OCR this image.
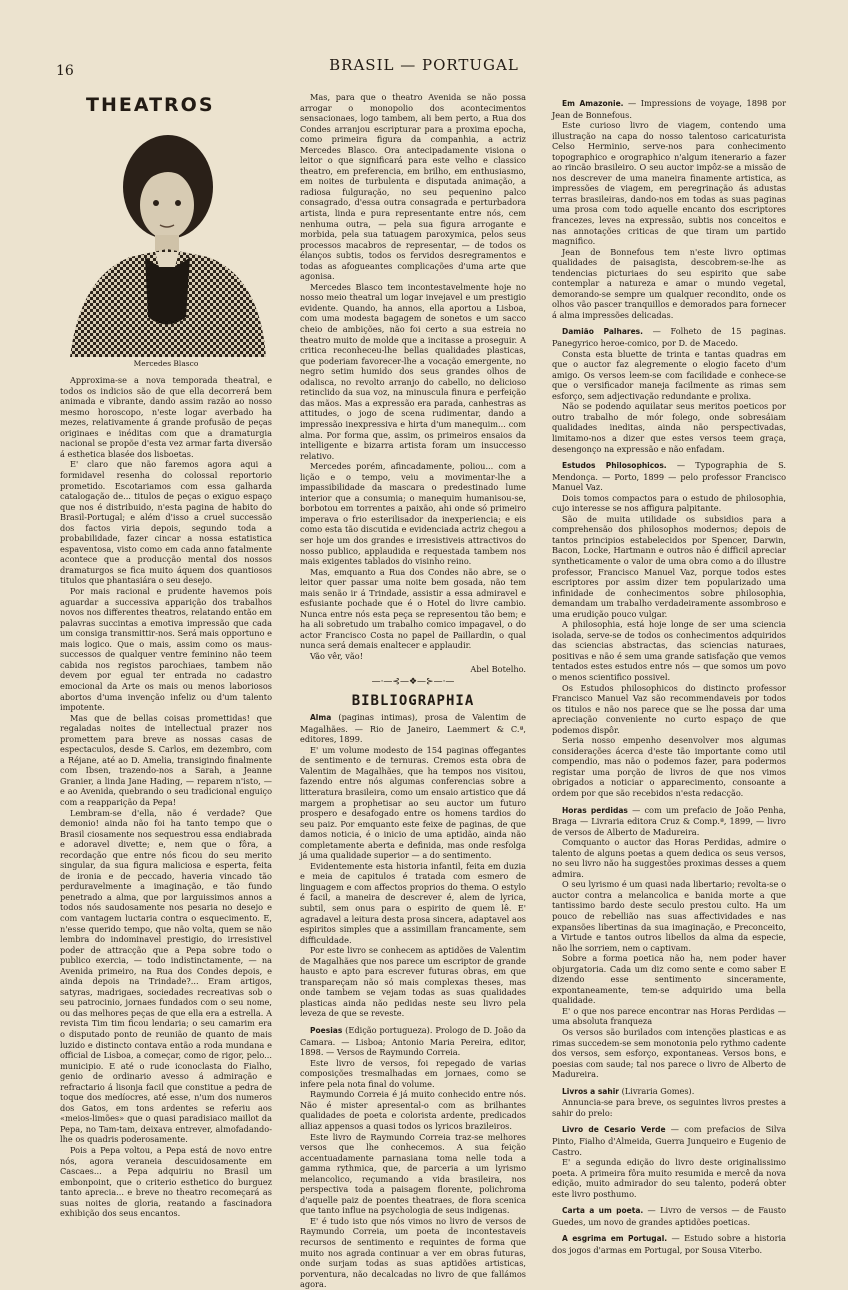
16	BRASIL — PORTUGAL
THEATROS
Mercedes Blasco

Approxima-se a nova temporada theatral, e todos os indicios são de que ella decorrerá bem animada e vibrante, dando assim razão ao nosso mesmo horoscopo, n'este logar averbado ha mezes, relativamente á grande profusão de peças originaes e inéditas com que a dramaturgia nacional se propõe d'esta vez armar farta diversão á esthetica blasée dos lisboetas.

E' claro que não faremos agora aqui a formidavel resenha do colossal reportorio prometido. Escotariamos com essa galharda catalogação de... titulos de peças o exiguo espaço que nos é distribuido, n'esta pagina de habito do Brasil-Portugal; e além d'isso a cruel successão dos factos viria depois, segundo toda a probabilidade, fazer cincar a nossa estatistica espaventosa, visto como em cada anno fatalmente acontece que a producção mental dos nossos dramaturgos se fica muito áquem dos quantiosos titulos que phantasiára o seu desejo.

Por mais racional e prudente havemos pois aguardar a successiva apparição dos trabalhos novos nos differentes theatros, relatando então em palavras succintas a emotiva impressão que cada um consiga transmittir-nos. Será mais opportuno e mais logico. Que o mais, assim como os maus-successos de qualquer ventre feminino não teem cabida nos registos parochiaes, tambem não devem por egual ter entrada no cadastro emocional da Arte os mais ou menos laboriosos abortos d'uma invenção infeliz ou d'um talento impotente.

Mas que de bellas coisas promettidas! que regaladas noites de intellectual prazer nos promettem para breve as nossas casas de espectaculos, desde S. Carlos, em dezembro, com a Réjane, até ao D. Amelia, transigindo finalmente com Ibsen, trazendo-nos a Sarah, a Jeanne Granier, a linda Jane Hading, — reparem n'isto, — e ao Avenida, quebrando o seu tradicional enguiço com a reapparição da Pepa!

Lembram-se d'ella, não é verdade? Que demonio! ainda não foi ha tanto tempo que o Brasil ciosamente nos sequestrou essa endiabrada e adoravel divette; e, nem que o fôra, a recordação que entre nós ficou do seu merito singular, da sua figura maliciosa e esperta, feita de ironia e de peccado, haveria vincado tão perduravelmente a imaginação, e tão fundo penetrado a alma, que por larguissimos annos a todos nós saudosamente nos pesaria no desejo e com vantagem luctaria contra o esquecimento. E, n'esse querido tempo, que não volta, quem se não lembra do indominavel prestigio, do irresistivel poder de attracção que a Pepa sobre todo o publico exercia, — todo indistinctamente, — na Avenida primeiro, na Rua dos Condes depois, e ainda depois na Trindade?... Eram artigos, satyras, madrigaes, sociedades recreativas sob o seu patrocinio, jornaes fundados com o seu nome, ou das melhores peças de que ella era a estrella. A revista Tim tim ficou lendaria; o seu camarim era o disputado ponto de reunião de quanto de mais luzido e distincto contava então a roda mundana e official de Lisboa, a começar, como de rigor, pelo... municipio. E até o rude iconoclasta do Fialho, genio de ordinario avesso á admiração e refractario á lisonja facil que constitue a pedra de toque dos medíocres, até esse, n'um dos numeros dos Gatos, em tons ardentes se referiu aos «meios-limões» que o quasi paradisiaco maillot da Pepa, no Tam-tam, deixava entrever, almofadando-lhe os quadris poderosamente.

Pois a Pepa voltou, a Pepa está de novo entre nós, agora veraneia descuidosamente em Cascaes... a Pepa adquiriu no Brasil um embonpoint, que o criterio esthetico do burguez tanto aprecia... e breve no theatro recomeçará as suas noites de gloria, reatando a fascinadora exhibição dos seus encantos.

Mas, para que o theatro Avenida se não possa arrogar o monopolio dos acontecimentos sensacionaes, logo tambem, ali bem perto, a Rua dos Condes arranjou escripturar para a proxima epocha, como primeira figura da companhia, a actriz Mercedes Blasco. Ora antecipadamente visiona o leitor o que significará para este velho e classico theatro, em preferencia, em brilho, em enthusiasmo, em noites de turbulenta e disputada animação, a radiosa fulguração, no seu pequenino palco consagrado, d'essa outra consagrada e perturbadora artista, linda e pura representante entre nós, cem nenhuma outra, — pela sua figura arrogante e morbida, pela sua tatuagem paroxymica, pelos seus processos macabros de representar, — de todos os élanços subtis, todos os fervidos desregramentos e todas as afogueantes complicações d'uma arte que agonisa.

Mercedes Blasco tem incontestavelmente hoje no nosso meio theatral um logar invejavel e um prestigio evidente. Quando, ha annos, ella aportou a Lisboa, com uma modesta bagagem de sonetos e um sacco cheio de ambições, não foi certo a sua estreia no theatro muito de molde que a incitasse a proseguir. A critica reconheceu-lhe bellas qualidades plasticas, que poderiam favorecer-lhe a vocação emergente, no negro setim humido dos seus grandes olhos de odalisca, no revolto arranjo do cabello, no delicioso retinclido da sua voz, na minuscula finura e perfeição das mãos. Mas a expressão era parada, canhestras as attitudes, o jogo de scena rudimentar, dando a impressão inexpressiva e hirta d'um manequim... com alma. Por forma que, assim, os primeiros ensaios da intelligente e bizarra artista foram um insuccesso relativo.

Mercedes porém, afincadamente, poliou... com a lição e o tempo, veiu a movimentar-lhe a impassibilidade da mascara o predestinado lume interior que a consumia; o manequim humanisou-se, borbotou em torrentes a paixão, ahi onde só primeiro imperava o frio esterilisador da inexperiencia; e eis como esta tão discutida e evidenciada actriz chegou a ser hoje um dos grandes e irresistiveis attractivos do nosso publico, applaudida e requestada tambem nos mais exigentes tablados do visinho reino.

Mas, emquanto a Rua dos Condes não abre, se o leitor quer passar uma noite bem gosada, não tem mais senão ir á Trindade, assistir a essa admiravel e esfusiante pochade que é o Hotel do livre cambio. Nunca entre nós esta peça se representou tão bem; e ha ali sobretudo um trabalho comico impagavel, o do actor Francisco Costa no papel de Paillardin, o qual nunca será demais enaltecer e applaudir.

Vão vêr, vão!

Abel Botelho.
—·—⊰—❖—⊱—·—
BIBLIOGRAPHIA

Alma (paginas intimas), prosa de Valentim de Magalhães. — Rio de Janeiro, Laemmert & C.ª, editores, 1899.

E' um volume modesto de 154 paginas offegantes de sentimento e de ternuras. Cremos esta obra de Valentim de Magalhães, que ha tempos nos visitou, fazendo entre nós algumas conferencias sobre a litteratura brasileira, como um ensaio artistico que dá margem a prophetisar ao seu auctor um futuro prospero e desafogado entre os homens tardios do seu paiz. Por emquanto este feixe de paginas, de que damos noticia, é o inicio de uma aptidão, ainda não completamente aberta e definida, mas onde resfolga já uma qualidade superior — a do sentimento.

Evidentemente esta historia infantil, feita em duzia e meia de capitulos é tratada com esmero de linguagem e com affectos proprios do thema. O estylo é facil, a maneira de descrever é, alem de lyrica, subtil, sem onus para o espirito de quem lê. E' agradavel a leitura desta prosa sincera, adaptavel aos espiritos simples que a assimillam francamente, sem difficuldade.

Por este livro se conhecem as aptidões de Valentim de Magalhães que nos parece um escriptor de grande hausto e apto para escrever futuras obras, em que transpareçam não só mais complexas theses, mas onde tambem se vejam todas as suas qualidades plasticas ainda não pedidas neste seu livro pela leveza de que se reveste.

Poesias (Edição portugueza). Prologo de D. João da Camara. — Lisboa; Antonio Maria Pereira, editor, 1898. — Versos de Raymundo Correia.

Este livro de versos, foi repegado de varias composições tresmalhadas em jornaes, como se infere pela nota final do volume.

Raymundo Correia é já muito conhecido entre nós. Não é mister apresental-o com as brilhantes qualidades de poeta e colorista ardente, predicados alliaz appensos a quasi todos os lyricos brazileiros.

Este livro de Raymundo Correia traz-se melhores versos que lhe conhecemos. A sua feição accentuadamente parnasiana toma nelle toda a gamma rythmica, que, de parceria a um lyrismo melancolico, reçumando a vida brasileira, nos perspectiva toda a paisagem florente, polichroma d'aquelle paiz de poentes theatraes, de flora scenica que tanto influe na psychologia de seus indigenas.

E' é tudo isto que nós vimos no livro de versos de Raymundo Correia, um poeta de incontestaveis recursos de sentimento e requintes de forma que muito nos agrada continuar a ver em obras futuras, onde surjam todas as suas aptidões artisticas, porventura, não decalcadas no livro de que fallámos agora.

Em Amazonie. — Impressions de voyage, 1898 por Jean de Bonnefous.

Este curioso livro de viagem, contendo uma illustração na capa do nosso talentoso caricaturista Celso Herminio, serve-nos para conhecimento topographico e orographico n'algum itenerario a fazer ao rincão brasileiro. O seu auctor impôz-se a missão de nos descrever de uma maneira finamente artistica, as impressões de viagem, em peregrinação ás adustas terras brasileiras, dando-nos em todas as suas paginas uma prosa com todo aquelle encanto dos escriptores francezes, leves na expressão, subtis nos conceitos e nas annotações criticas de que tiram um partido magnifico.

Jean de Bonnefous tem n'este livro optimas qualidades de paisagista, descobrem-se-lhe as tendencias picturiaes do seu espirito que sabe contemplar a natureza e amar o mundo vegetal, demorando-se sempre um qualquer recondito, onde os olhos vão pascer tranquillos e demorados para fornecer á alma impressões delicadas.

Damião Palhares. — Folheto de 15 paginas. Panegyrico heroe-comico, por D. de Macedo.

Consta esta bluette de trinta e tantas quadras em que o auctor faz alegremente o elogio faceto d'um amigo. Os versos leem-se com facilidade e conhece-se que o versificador maneja facilmente as rimas sem esforço, sem adjectivação redundante e prolixa.

Não se podendo aquilatar seus meritos poeticos por outro trabalho de mór folego, onde sobresáiam qualidades ineditas, ainda não perspectivadas, limitamo-nos a dizer que estes versos teem graça, desengonço na expressão e não enfadam.

Estudos Philosophicos. — Typographia de S. Mendonça. — Porto, 1899 — pelo professor Francisco Manuel Vaz.

Dois tomos compactos para o estudo de philosophia, cujo interesse se nos affigura palpitante.

São de muita utilidade os subsidios para a comprehensão dos philosophos modernos; depois de tantos principios estabelecidos por Spencer, Darwin, Bacon, Locke, Hartmann e outros não é difficil apreciar syntheticamente o valor de uma obra como a do illustre professor, Francisco Manuel Vaz, porque todos estes escriptores por assim dizer tem popularizado uma infinidade de conhecimentos sobre philosophia, demandam um trabalho verdadeiramente assombroso e uma erudição pouco vulgar.

A philosophia, está hoje longe de ser uma sciencia isolada, serve-se de todos os conhecimentos adquiridos das sciencias abstractas, das sciencias naturaes, positivas e não é sem uma grande satisfação que vemos tentados estes estudos entre nós — que somos um povo o menos scientifico possivel.

Os Estudos philosophicos do distincto professor Francisco Manuel Vaz são recommendaveis por todos os titulos e não nos parece que se lhe possa dar uma apreciação conveniente no curto espaço de que podemos dispôr.

Seria nosso empenho desenvolver mos algumas considerações ácerca d'este tão importante como util compendio, mas não o podemos fazer, para podermos registar uma porção de livros de que nos vimos obrigados a noticiar o apparecimento, consoante a ordem por que são recebidos n'esta redacção.

Horas perdidas — com um prefacio de João Penha, Braga — Livraria editora Cruz & Comp.ª, 1899, — livro de versos de Alberto de Madureira.

Comquanto o auctor das Horas Perdidas, admire o talento de alguns poetas a quem dedica os seus versos, no seu livro não ha suggestões proximas desses a quem admira.

O seu lyrismo é um quasi nada libertario; revolta-se o auctor contra a melancolica e banida morte a que tantissimo bardo deste seculo prestou culto. Ha um pouco de rebellião nas suas affectividades e nas expansões libertinas da sua imaginação, e Preconceito, a Virtude e tantos outros libellos da alma da especie, não lhe sorriem, nem o captivam.

Sobre a forma poetica não ha, nem poder haver objurgatoria. Cada um diz como sente e como saber E dizendo esse sentimento sinceramente, expontaneamente, tem-se adquirido uma bella qualidade.

E' o que nos parece encontrar nas Horas Perdidas — uma absoluta franqueza

Os versos são burilados com intenções plasticas e as rimas succedem-se sem monotonia pelo rythmo cadente dos versos, sem esforço, expontaneas. Versos bons, e poesias com saude; tal nos parece o livro de Alberto de Madureira.

Livros a sahir (Livraria Gomes).

Annuncia-se para breve, os seguintes livros prestes a sahir do prelo:

Livro de Cesario Verde — com prefacios de Silva Pinto, Fialho d'Almeida, Guerra Junqueiro e Eugenio de Castro.

E' a segunda edição do livro deste originalissimo poeta. A primeira fôra muito resumida e mercê da nova edição, muito admirador do seu talento, poderá obter este livro posthumo.

Carta a um poeta. — Livro de versos — de Fausto Guedes, um novo de grandes aptidões poeticas.

A esgrima em Portugal. — Estudo sobre a historia dos jogos d'armas em Portugal, por Sousa Viterbo.
